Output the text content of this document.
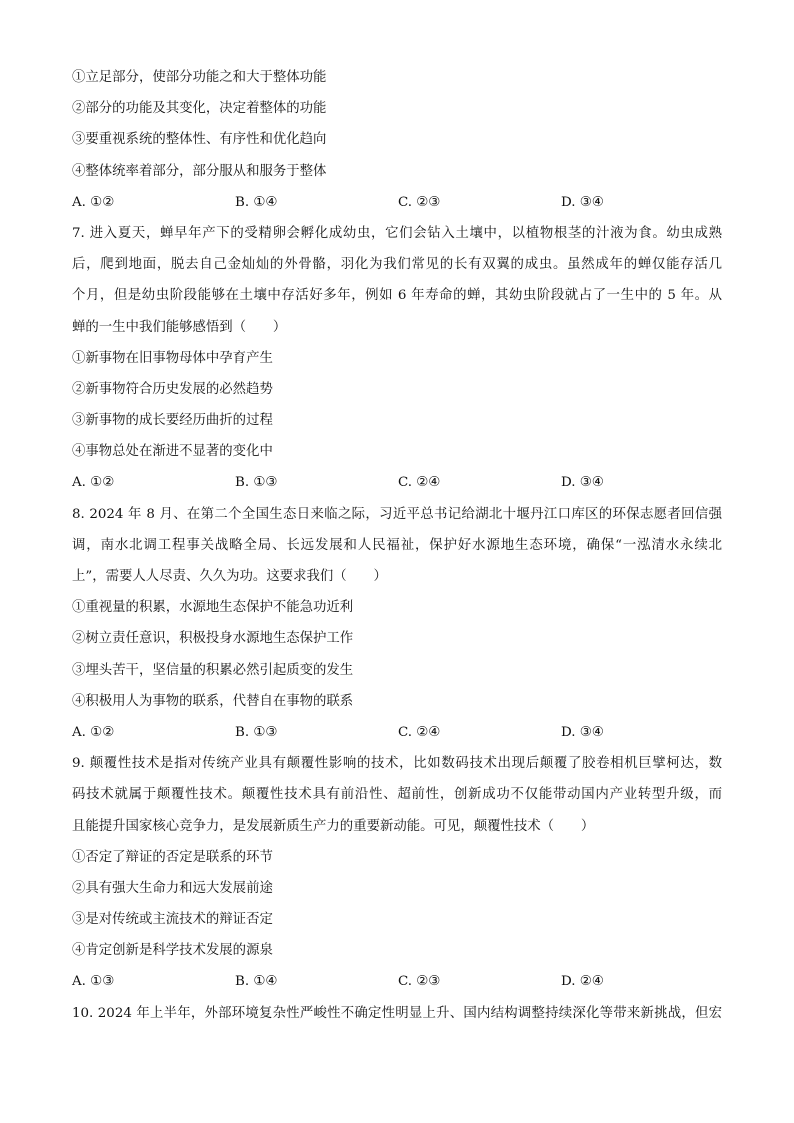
①立足部分，使部分功能之和大于整体功能
②部分的功能及其变化，决定着整体的功能
③要重视系统的整体性、有序性和优化趋向
④整体统率着部分，部分服从和服务于整体
A. ①②	B. ①④	C. ②③	D. ③④
7. 进入夏天，蝉早年产下的受精卵会孵化成幼虫，它们会钻入土壤中，以植物根茎的汁液为食。幼虫成熟
后，爬到地面，脱去自己金灿灿的外骨骼，羽化为我们常见的长有双翼的成虫。虽然成年的蝉仅能存活几
个月，但是幼虫阶段能够在土壤中存活好多年，例如 6 年寿命的蝉，其幼虫阶段就占了一生中的 5 年。从
蝉的一生中我们能够感悟到（　　）
①新事物在旧事物母体中孕育产生
②新事物符合历史发展的必然趋势
③新事物的成长要经历曲折的过程
④事物总处在渐进不显著的变化中
A. ①②	B. ①③	C. ②④	D. ③④
8. 2024 年 8 月、在第二个全国生态日来临之际，习近平总书记给湖北十堰丹江口库区的环保志愿者回信强
调，南水北调工程事关战略全局、长远发展和人民福祉，保护好水源地生态环境，确保“一泓清水永续北
上”，需要人人尽责、久久为功。这要求我们（　　）
①重视量的积累，水源地生态保护不能急功近利
②树立责任意识，积极投身水源地生态保护工作
③埋头苦干，坚信量的积累必然引起质变的发生
④积极用人为事物的联系，代替自在事物的联系
A. ①②	B. ①③	C. ②④	D. ③④
9. 颠覆性技术是指对传统产业具有颠覆性影响的技术，比如数码技术出现后颠覆了胶卷相机巨擘柯达，数
码技术就属于颠覆性技术。颠覆性技术具有前沿性、超前性，创新成功不仅能带动国内产业转型升级，而
且能提升国家核心竞争力，是发展新质生产力的重要新动能。可见，颠覆性技术（　　）
①否定了辩证的否定是联系的环节
②具有强大生命力和远大发展前途
③是对传统或主流技术的辩证否定
④肯定创新是科学技术发展的源泉
A. ①③	B. ①④	C. ②③	D. ②④
10. 2024 年上半年，外部环境复杂性严峻性不确定性明显上升、国内结构调整持续深化等带来新挑战，但宏
